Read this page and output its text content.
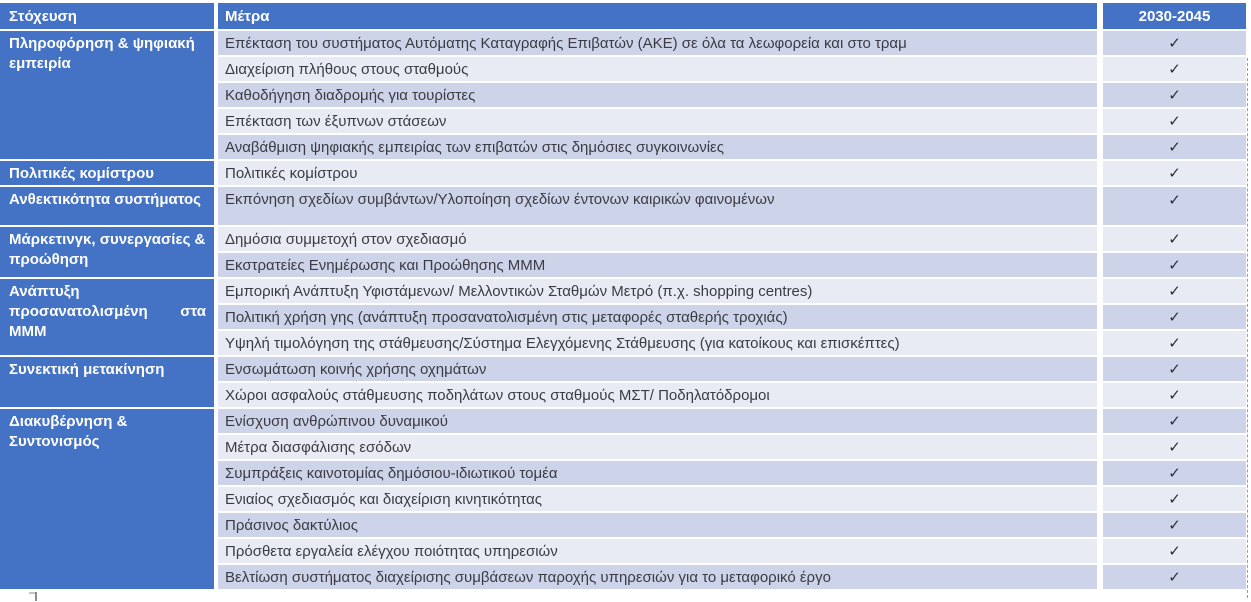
Στόχευση	Μέτρα	2030-2045
Πληροφόρηση & ψηφιακή εμπειρία	Επέκταση του συστήματος Αυτόματης Καταγραφής Επιβατών (ΑΚΕ) σε όλα τα λεωφορεία και στο τραμ	✓
	Διαχείριση πλήθους στους σταθμούς	✓
	Καθοδήγηση διαδρομής για τουρίστες	✓
	Επέκταση των έξυπνων στάσεων	✓
	Αναβάθμιση ψηφιακής εμπειρίας των επιβατών στις δημόσιες συγκοινωνίες	✓
Πολιτικές κομίστρου	Πολιτικές κομίστρου	✓
Ανθεκτικότητα συστήματος	Εκπόνηση σχεδίων συμβάντων/Υλοποίηση σχεδίων έντονων καιρικών φαινομένων	✓
Μάρκετινγκ, συνεργασίες & προώθηση	Δημόσια συμμετοχή στον σχεδιασμό	✓
	Εκστρατείες Ενημέρωσης και Προώθησης ΜΜΜ	✓
Ανάπτυξη προσανατολισμένη στα ΜΜΜ	Εμπορική Ανάπτυξη Υφιστάμενων/ Μελλοντικών Σταθμών Μετρό (π.χ. shopping centres)	✓
	Πολιτική χρήση γης (ανάπτυξη προσανατολισμένη στις μεταφορές σταθερής τροχιάς)	✓
	Υψηλή τιμολόγηση της στάθμευσης/Σύστημα Ελεγχόμενης Στάθμευσης (για κατοίκους και επισκέπτες)	✓
Συνεκτική μετακίνηση	Ενσωμάτωση κοινής χρήσης οχημάτων	✓
	Χώροι ασφαλούς στάθμευσης ποδηλάτων στους σταθμούς ΜΣΤ/ Ποδηλατόδρομοι	✓
Διακυβέρνηση & Συντονισμός	Ενίσχυση ανθρώπινου δυναμικού	✓
	Μέτρα διασφάλισης εσόδων	✓
	Συμπράξεις καινοτομίας δημόσιου-ιδιωτικού τομέα	✓
	Ενιαίος σχεδιασμός και διαχείριση κινητικότητας	✓
	Πράσινος δακτύλιος	✓
	Πρόσθετα εργαλεία ελέγχου ποιότητας υπηρεσιών	✓
	Βελτίωση συστήματος διαχείρισης συμβάσεων παροχής υπηρεσιών για το μεταφορικό έργο	✓
